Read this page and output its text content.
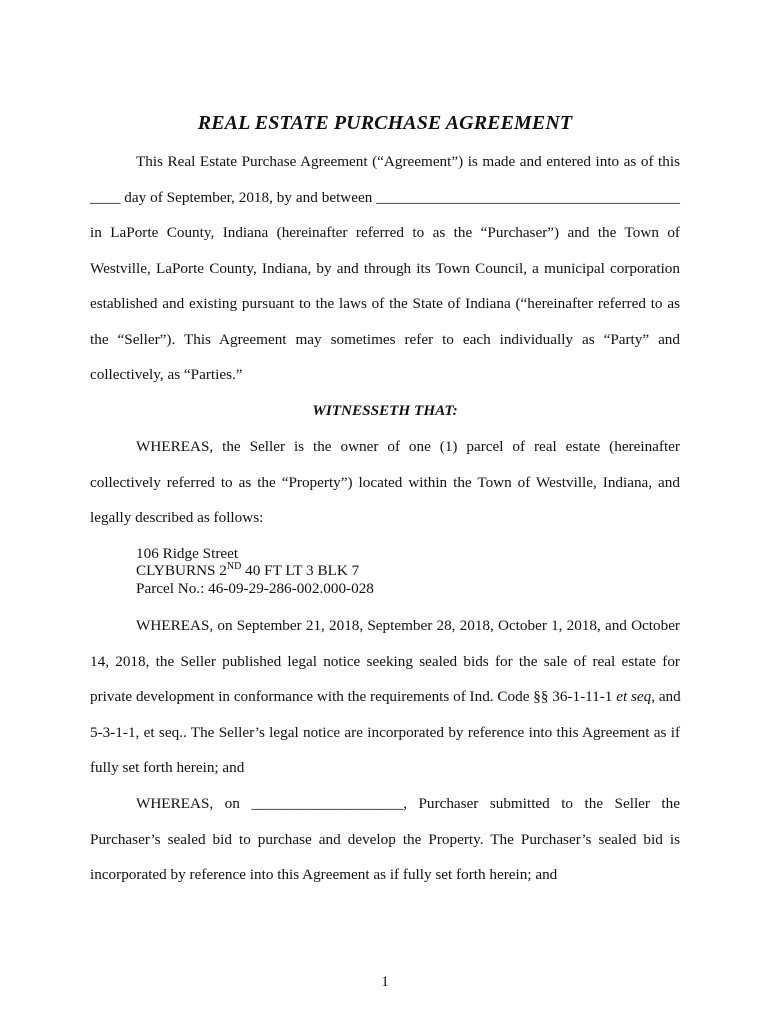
REAL ESTATE PURCHASE AGREEMENT
This Real Estate Purchase Agreement (“Agreement”) is made and entered into as of this
____ day of September, 2018, by and between ________________________________________
in LaPorte County, Indiana (hereinafter referred to as the “Purchaser”) and the Town of
Westville, LaPorte County, Indiana, by and through its Town Council, a municipal corporation
established and existing pursuant to the laws of the State of Indiana (“hereinafter referred to as
the “Seller”). This Agreement may sometimes refer to each individually as “Party” and
collectively, as “Parties.”
WITNESSETH THAT:
WHEREAS, the Seller is the owner of one (1) parcel of real estate (hereinafter
collectively referred to as the “Property”) located within the Town of Westville, Indiana, and
legally described as follows:
106 Ridge Street
CLYBURNS 2ND 40 FT LT 3 BLK 7
Parcel No.: 46-09-29-286-002.000-028
WHEREAS, on September 21, 2018, September 28, 2018, October 1, 2018, and October
14, 2018, the Seller published legal notice seeking sealed bids for the sale of real estate for
private development in conformance with the requirements of Ind. Code §§ 36-1-11-1 et seq, and
5-3-1-1, et seq.. The Seller’s legal notice are incorporated by reference into this Agreement as if
fully set forth herein; and
WHEREAS, on ____________________, Purchaser submitted to the Seller the
Purchaser’s sealed bid to purchase and develop the Property. The Purchaser’s sealed bid is
incorporated by reference into this Agreement as if fully set forth herein; and
1
